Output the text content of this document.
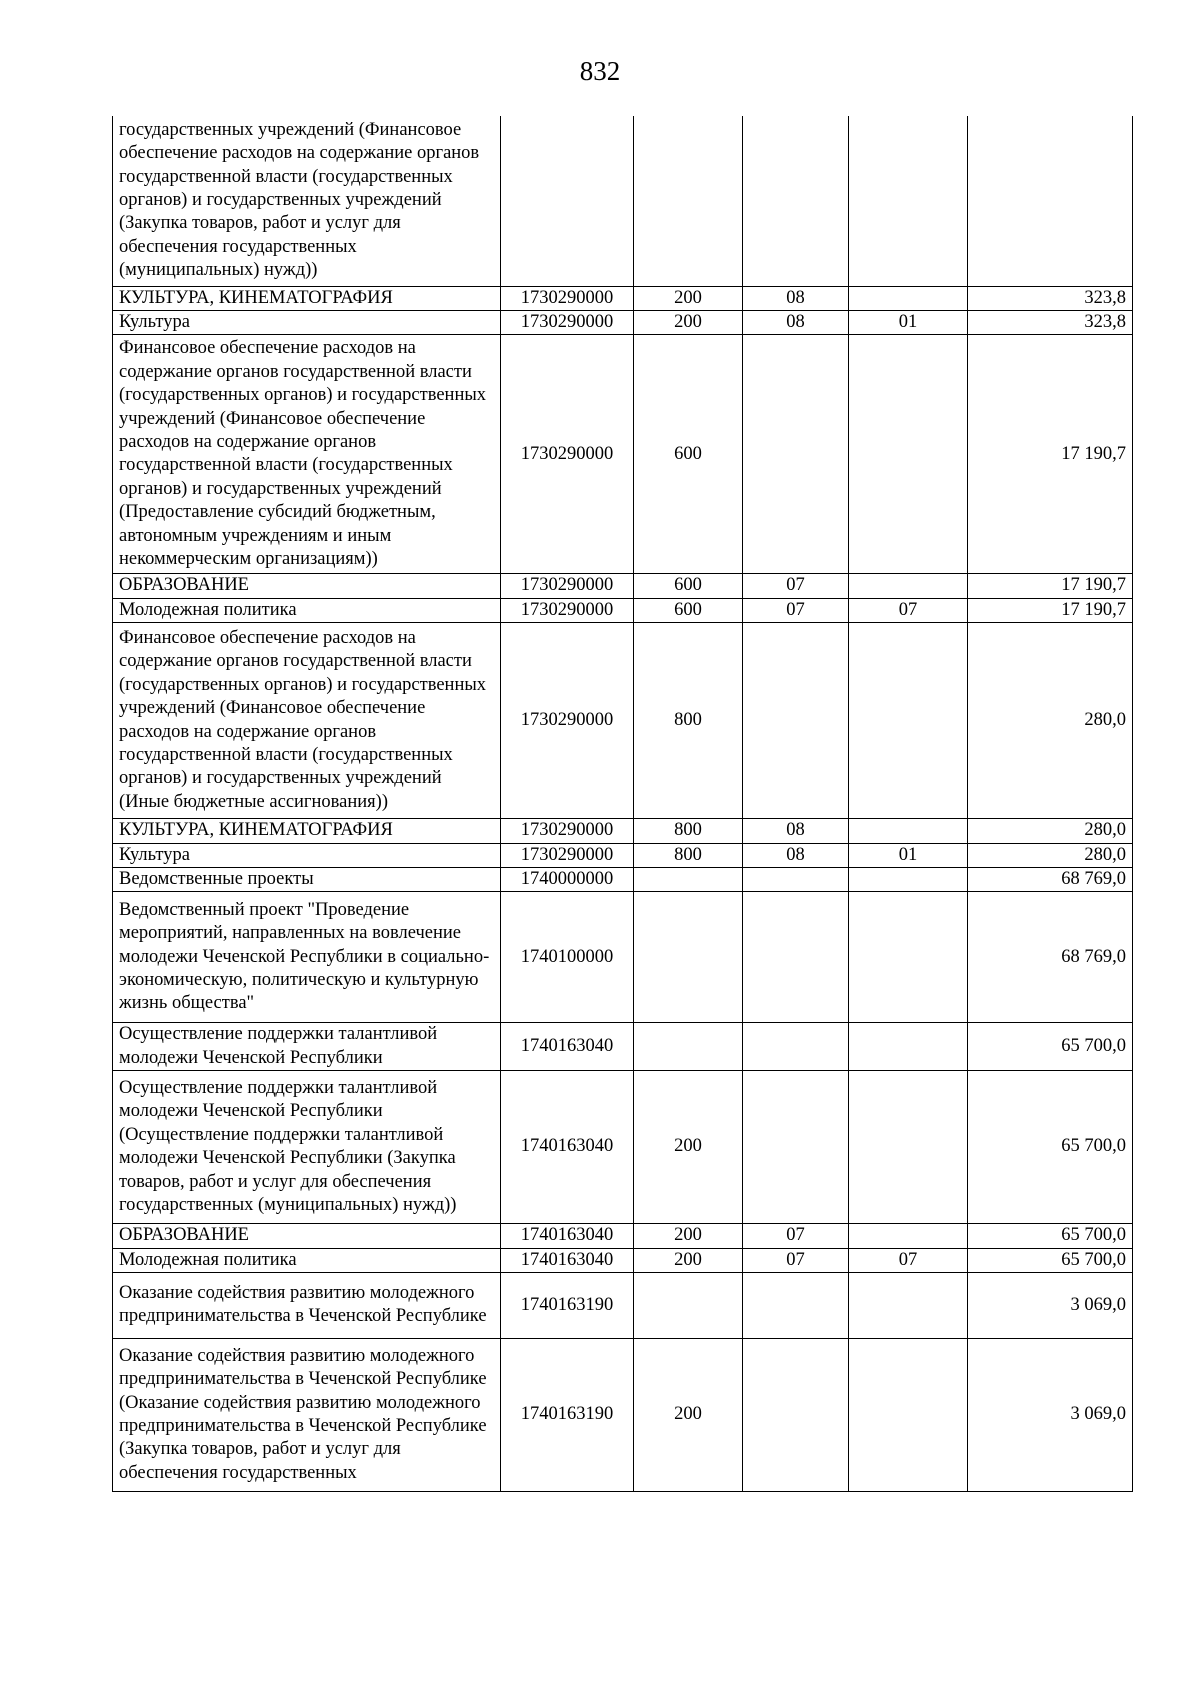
832
государственных учреждений (Финансовое обеспечение расходов на содержание органов государственной власти (государственных органов) и государственных учреждений (Закупка товаров, работ и услуг для обеспечения государственных (муниципальных) нужд))					
КУЛЬТУРА, КИНЕМАТОГРАФИЯ	1730290000	200	08		323,8
Культура	1730290000	200	08	01	323,8
Финансовое обеспечение расходов на содержание органов государственной власти (государственных органов) и государственных учреждений (Финансовое обеспечение расходов на содержание органов государственной власти (государственных органов) и государственных учреждений (Предоставление субсидий бюджетным, автономным учреждениям и иным некоммерческим организациям))	1730290000	600			17 190,7
ОБРАЗОВАНИЕ	1730290000	600	07		17 190,7
Молодежная политика	1730290000	600	07	07	17 190,7
Финансовое обеспечение расходов на содержание органов государственной власти (государственных органов) и государственных учреждений (Финансовое обеспечение расходов на содержание органов государственной власти (государственных органов) и государственных учреждений (Иные бюджетные ассигнования))	1730290000	800			280,0
КУЛЬТУРА, КИНЕМАТОГРАФИЯ	1730290000	800	08		280,0
Культура	1730290000	800	08	01	280,0
Ведомственные проекты	1740000000				68 769,0
Ведомственный проект "Проведение мероприятий, направленных на вовлечение молодежи Чеченской Республики в социально-экономическую, политическую и культурную жизнь общества"	1740100000				68 769,0
Осуществление поддержки талантливой молодежи Чеченской Республики	1740163040				65 700,0
Осуществление поддержки талантливой молодежи Чеченской Республики (Осуществление поддержки талантливой молодежи Чеченской Республики (Закупка товаров, работ и услуг для обеспечения государственных (муниципальных) нужд))	1740163040	200			65 700,0
ОБРАЗОВАНИЕ	1740163040	200	07		65 700,0
Молодежная политика	1740163040	200	07	07	65 700,0
Оказание содействия развитию молодежного предпринимательства в Чеченской Республике	1740163190				3 069,0
Оказание содействия развитию молодежного предпринимательства в Чеченской Республике (Оказание содействия развитию молодежного предпринимательства в Чеченской Республике (Закупка товаров, работ и услуг для обеспечения государственных	1740163190	200			3 069,0
